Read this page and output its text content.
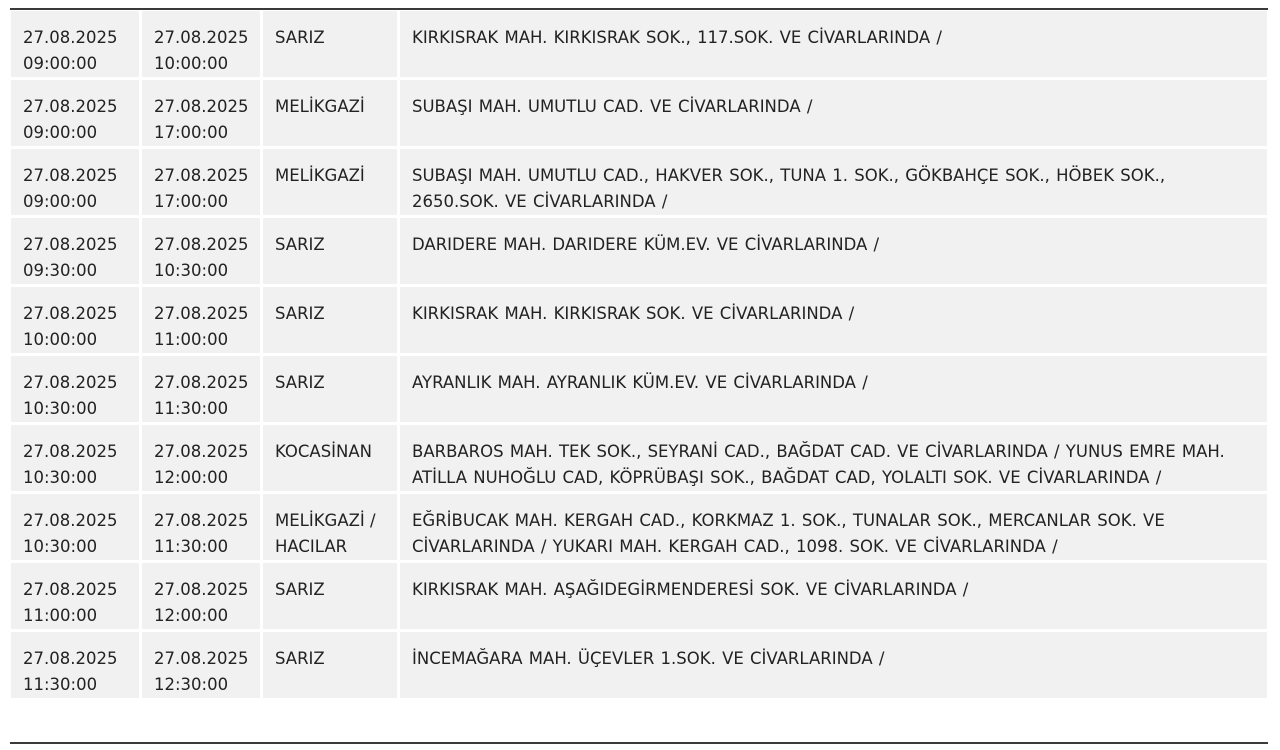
27.08.2025
09:00:00	27.08.2025
10:00:00	SARIZ	KIRKISRAK MAH. KIRKISRAK SOK., 117.SOK. VE CİVARLARINDA /

27.08.2025
09:00:00	27.08.2025
17:00:00	MELİKGAZİ	SUBAŞI MAH. UMUTLU CAD. VE CİVARLARINDA /

27.08.2025
09:00:00	27.08.2025
17:00:00	MELİKGAZİ	SUBAŞI MAH. UMUTLU CAD., HAKVER SOK., TUNA 1. SOK., GÖKBAHÇE SOK., HÖBEK SOK., 2650.SOK. VE CİVARLARINDA /

27.08.2025
09:30:00	27.08.2025
10:30:00	SARIZ	DARIDERE MAH. DARIDERE KÜM.EV. VE CİVARLARINDA /

27.08.2025
10:00:00	27.08.2025
11:00:00	SARIZ	KIRKISRAK MAH. KIRKISRAK SOK. VE CİVARLARINDA /

27.08.2025
10:30:00	27.08.2025
11:30:00	SARIZ	AYRANLIK MAH. AYRANLIK KÜM.EV. VE CİVARLARINDA /

27.08.2025
10:30:00	27.08.2025
12:00:00	KOCASİNAN	BARBAROS MAH. TEK SOK., SEYRANİ CAD., BAĞDAT CAD. VE CİVARLARINDA / YUNUS EMRE MAH. ATİLLA NUHOĞLU CAD, KÖPRÜBAŞI SOK., BAĞDAT CAD, YOLALTI SOK. VE CİVARLARINDA /

27.08.2025
10:30:00	27.08.2025
11:30:00	MELİKGAZİ / HACILAR	EĞRİBUCAK MAH. KERGAH CAD., KORKMAZ 1. SOK., TUNALAR SOK., MERCANLAR SOK. VE CİVARLARINDA / YUKARI MAH. KERGAH CAD., 1098. SOK. VE CİVARLARINDA /

27.08.2025
11:00:00	27.08.2025
12:00:00	SARIZ	KIRKISRAK MAH. AŞAĞIDEGİRMENDERESİ SOK. VE CİVARLARINDA /

27.08.2025
11:30:00	27.08.2025
12:30:00	SARIZ	İNCEMAĞARA MAH. ÜÇEVLER 1.SOK. VE CİVARLARINDA /
